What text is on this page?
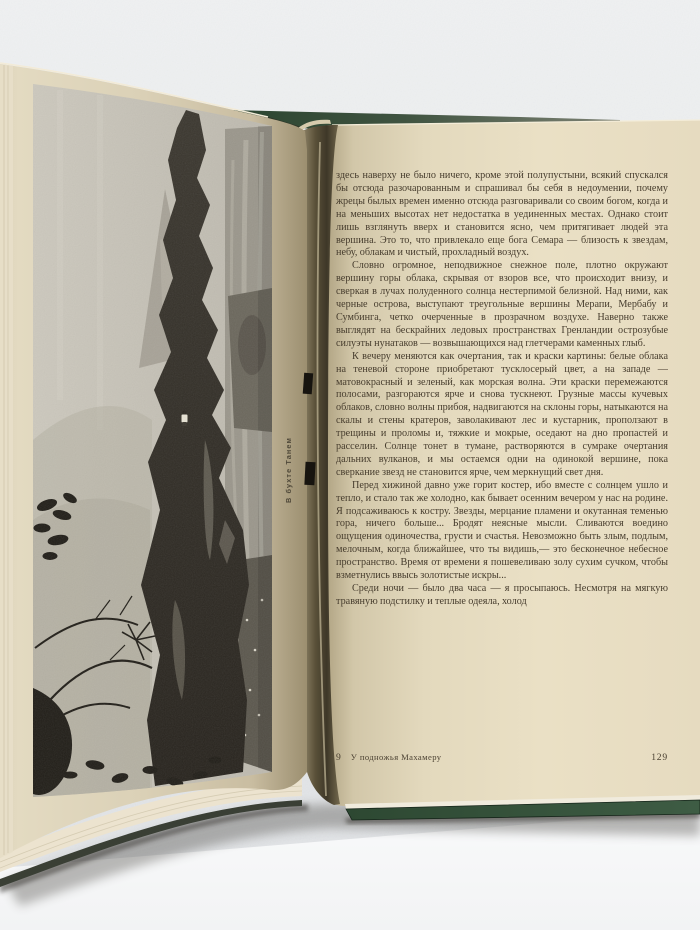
В бухте Танем

здесь наверху не было ничего, кроме этой полупустыни, всякий спускался бы отсюда разочарованным и спрашивал бы себя в недоумении, почему жрецы былых времен именно отсюда разговаривали со своим богом, когда и на меньших высотах нет недостатка в уединенных местах. Однако стоит лишь взглянуть вверх и становится ясно, чем притягивает людей эта вершина. Это то, что привлекало еще бога Семара — близость к звездам, небу, облакам и чистый, прохладный воздух.

Словно огромное, неподвижное снежное поле, плотно окружают вершину горы облака, скрывая от взоров все, что происходит внизу, и сверкая в лучах полуденного солнца нестерпимой белизной. Над ними, как черные острова, выступают треугольные вершины Мерапи, Мербабу и Сумбинга, четко очерченные в прозрачном воздухе. Наверно также выглядят на бескрайних ледовых пространствах Гренландии острозубые силуэты нунатаков — возвышающихся над глетчерами каменных глыб.

К вечеру меняются как очертания, так и краски картины: белые облака на теневой стороне приобретают тусклосерый цвет, а на западе — матовокрасный и зеленый, как морская волна. Эти краски перемежаются полосами, разгораются ярче и снова тускнеют. Грузные массы кучевых облаков, словно волны прибоя, надвигаются на склоны горы, натыкаются на скалы и стены кратеров, заволакивают лес и кустарник, проползают в трещины и проломы и, тяжкие и мокрые, оседают на дно пропастей и расселин. Солнце тонет в тумане, растворяются в сумраке очертания дальних вулканов, и мы остаемся одни на одинокой вершине, пока сверкание звезд не становится ярче, чем меркнущий свет дня.

Перед хижиной давно уже горит костер, ибо вместе с солнцем ушло и тепло, и стало так же холодно, как бывает осенним вечером у нас на родине. Я подсаживаюсь к костру. Звезды, мерцание пламени и окутанная теменью гора, ничего больше... Бродят неясные мысли. Сливаются воедино ощущения одиночества, грусти и счастья. Невозможно быть злым, подлым, мелочным, когда ближайшее, что ты видишь,— это бесконечное небесное пространство. Время от времени я пошевеливаю золу сухим сучком, чтобы взметнулись ввысь золотистые искры...

Среди ночи — было два часа — я просыпаюсь. Несмотря на мягкую травяную подстилку и теплые одеяла, холод

9 У подножья Махамеру	129
